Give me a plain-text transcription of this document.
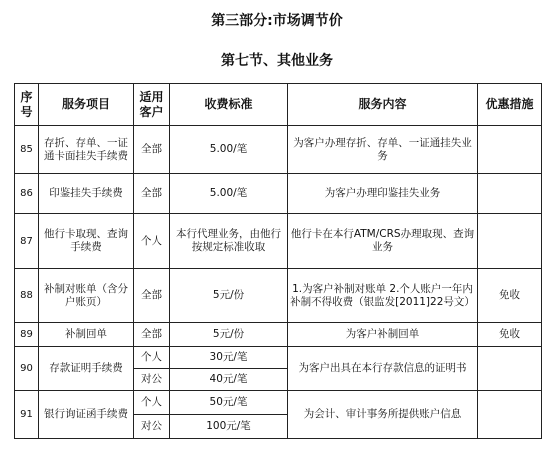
第三部分:市场调节价
第七节、其他业务
序号	服务项目	适用客户	收费标准	服务内容	优惠措施
85	存折、存单、一证通卡面挂失手续费	全部	5.00/笔	为客户办理存折、存单、一证通挂失业务	
86	印鉴挂失手续费	全部	5.00/笔	为客户办理印鉴挂失业务	
87	他行卡取现、查询手续费	个人	本行代理业务，由他行按规定标准收取	他行卡在本行ATM/CRS办理取现、查询业务	
88	补制对账单（含分户账页）	全部	5元/份	1.为客户补制对账单 2.个人账户一年内补制不得收费（银监发[2011]22号文）	免收
89	补制回单	全部	5元/份	为客户补制回单	免收
90	存款证明手续费	个人	30元/笔	为客户出具在本行存款信息的证明书	
		对公	40元/笔		
91	银行询证函手续费	个人	50元/笔	为会计、审计事务所提供账户信息	
		对公	100元/笔		
